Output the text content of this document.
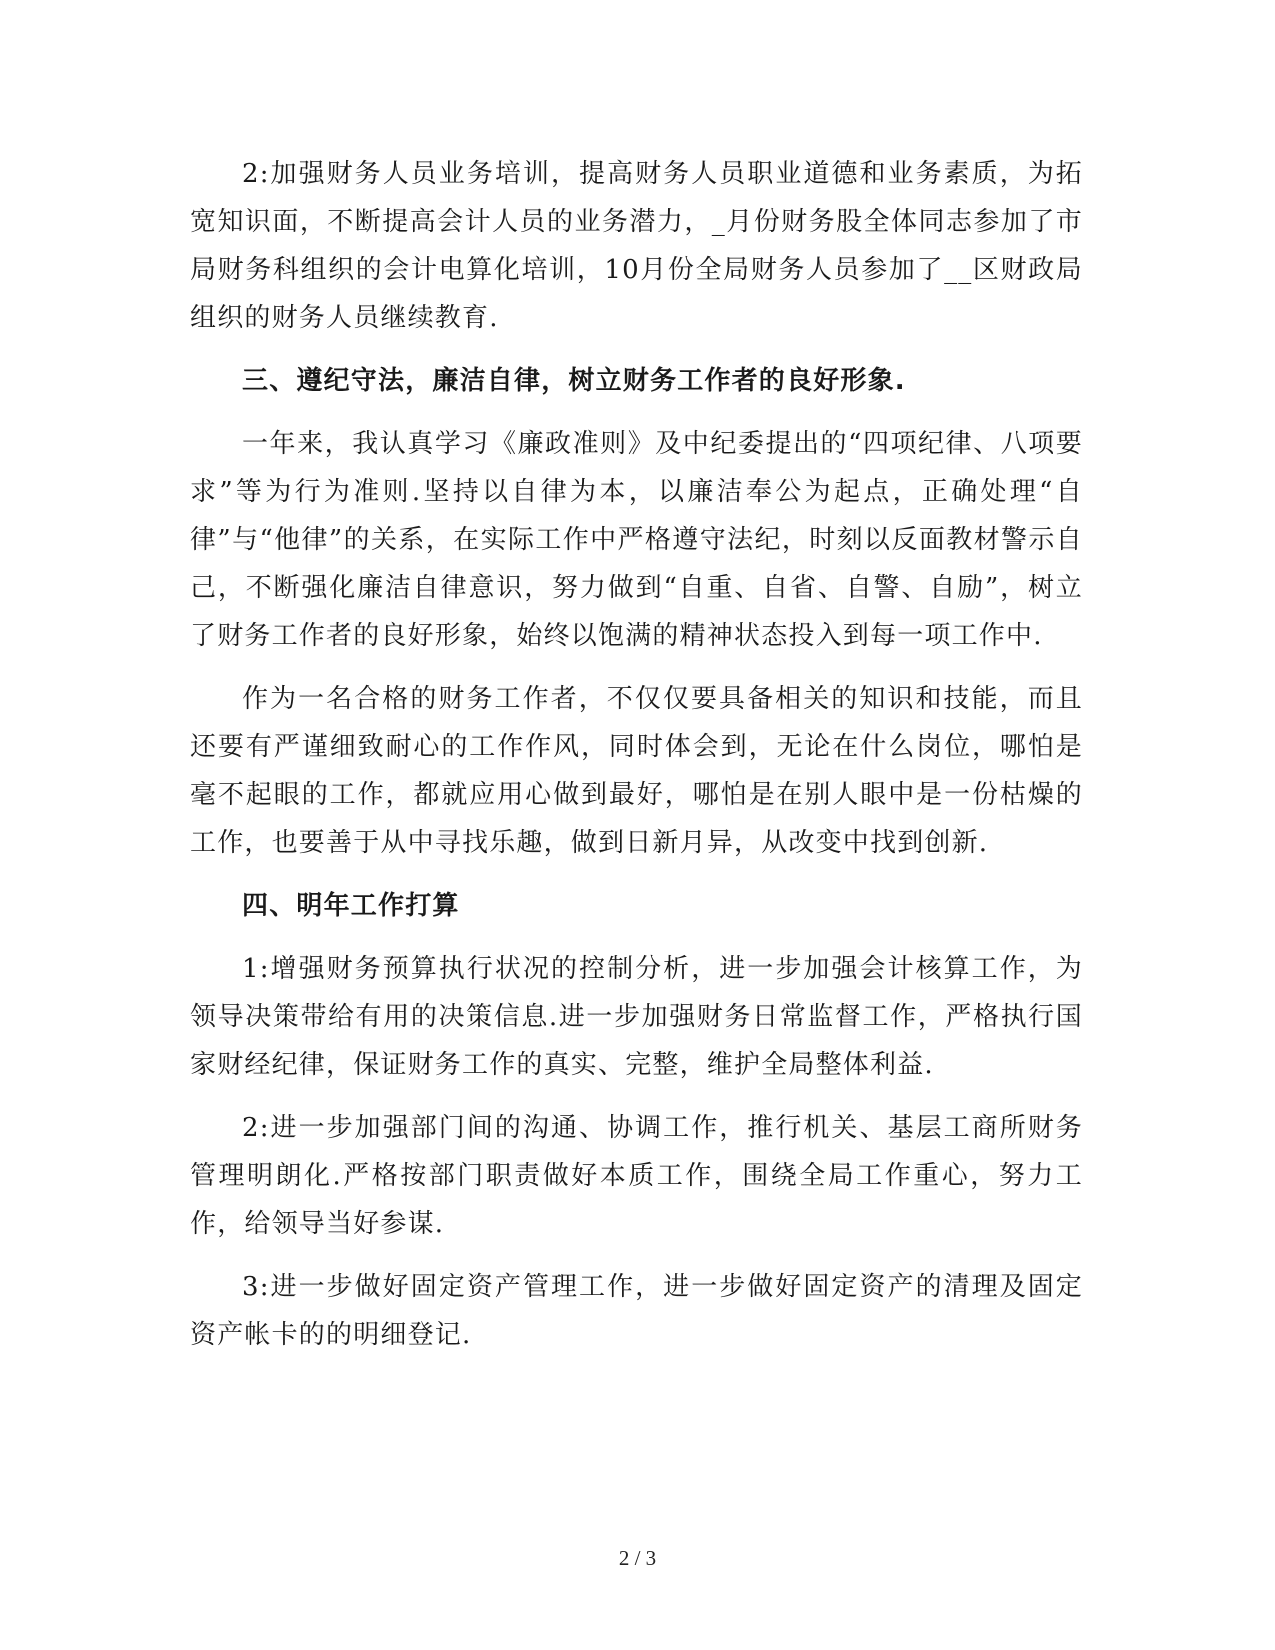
2:加强财务人员业务培训，提高财务人员职业道德和业务素质，为拓宽知识面，不断提高会计人员的业务潜力，_月份财务股全体同志参加了市局财务科组织的会计电算化培训，10月份全局财务人员参加了__区财政局组织的财务人员继续教育.

三、遵纪守法，廉洁自律，树立财务工作者的良好形象.

一年来，我认真学习《廉政准则》及中纪委提出的“四项纪律、八项要求”等为行为准则.坚持以自律为本，以廉洁奉公为起点，正确处理“自律”与“他律”的关系，在实际工作中严格遵守法纪，时刻以反面教材警示自己，不断强化廉洁自律意识，努力做到“自重、自省、自警、自励”，树立了财务工作者的良好形象，始终以饱满的精神状态投入到每一项工作中.

作为一名合格的财务工作者，不仅仅要具备相关的知识和技能，而且还要有严谨细致耐心的工作作风，同时体会到，无论在什么岗位，哪怕是毫不起眼的工作，都就应用心做到最好，哪怕是在别人眼中是一份枯燥的工作，也要善于从中寻找乐趣，做到日新月异，从改变中找到创新.

四、明年工作打算

1:增强财务预算执行状况的控制分析，进一步加强会计核算工作，为领导决策带给有用的决策信息.进一步加强财务日常监督工作，严格执行国家财经纪律，保证财务工作的真实、完整，维护全局整体利益.

2:进一步加强部门间的沟通、协调工作，推行机关、基层工商所财务管理明朗化.严格按部门职责做好本质工作，围绕全局工作重心，努力工作，给领导当好参谋.

3:进一步做好固定资产管理工作，进一步做好固定资产的清理及固定资产帐卡的的明细登记.

2 / 3
